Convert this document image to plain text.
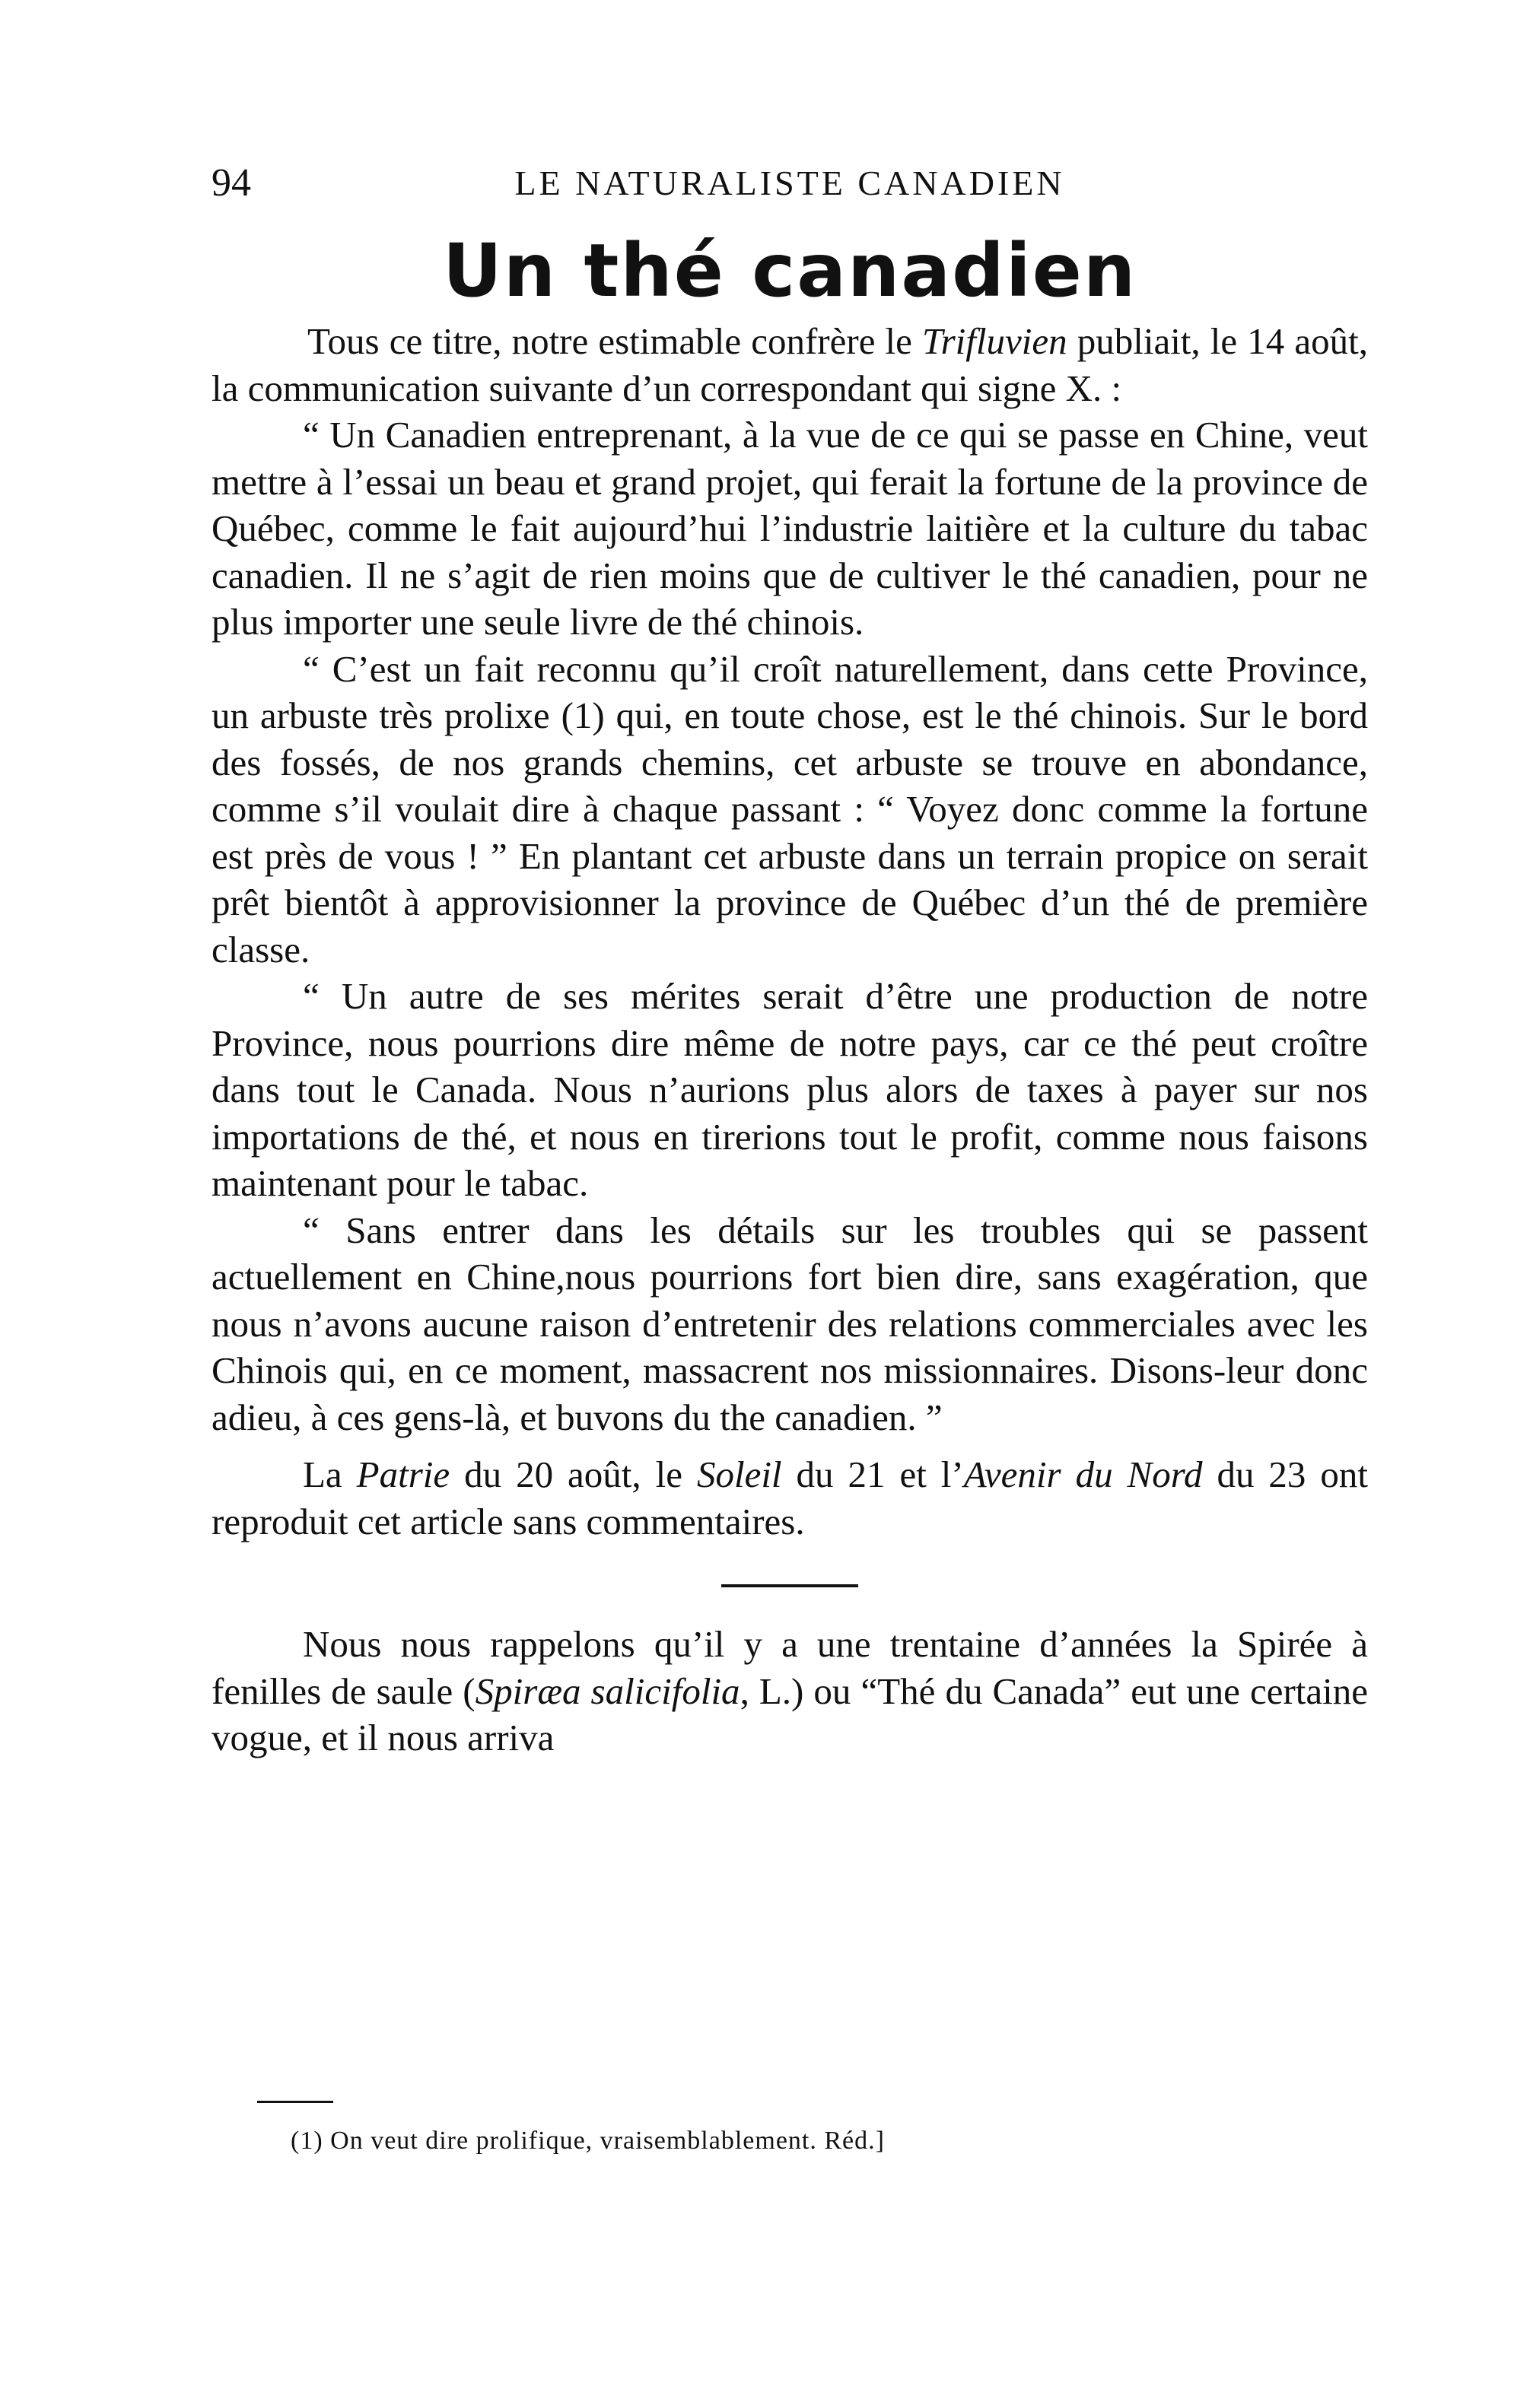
94	LE NATURALISTE CANADIEN
Un thé canadien

Tous ce titre, notre estimable confrère le Trifluvien publiait, le 14 août, la communication suivante d’un correspondant qui signe X. :

“ Un Canadien entreprenant, à la vue de ce qui se passe en Chine, veut mettre à l’essai un beau et grand projet, qui ferait la fortune de la province de Québec, comme le fait aujourd’hui l’industrie laitière et la culture du tabac canadien. Il ne s’agit de rien moins que de cultiver le thé canadien, pour ne plus importer une seule livre de thé chinois.

“ C’est un fait reconnu qu’il croît naturellement, dans cette Province, un arbuste très prolixe (1) qui, en toute chose, est le thé chinois. Sur le bord des fossés, de nos grands chemins, cet arbuste se trouve en abondance, comme s’il voulait dire à chaque passant : “ Voyez donc comme la fortune est près de vous ! ” En plantant cet arbuste dans un terrain propice on serait prêt bientôt à approvisionner la province de Québec d’un thé de première classe.

“ Un autre de ses mérites serait d’être une production de notre Province, nous pourrions dire même de notre pays, car ce thé peut croître dans tout le Canada. Nous n’aurions plus alors de taxes à payer sur nos importations de thé, et nous en tirerions tout le profit, comme nous faisons maintenant pour le tabac.

“ Sans entrer dans les détails sur les troubles qui se passent actuellement en Chine,nous pourrions fort bien dire, sans exagération, que nous n’avons aucune raison d’entretenir des relations commerciales avec les Chinois qui, en ce moment, massacrent nos missionnaires. Disons-leur donc adieu, à ces gens-là, et buvons du the canadien. ”

La Patrie du 20 août, le Soleil du 21 et l’Avenir du Nord du 23 ont reproduit cet article sans commentaires.

Nous nous rappelons qu’il y a une trentaine d’années la Spirée à fenilles de saule (Spiræa salicifolia, L.) ou “Thé du Canada” eut une certaine vogue, et il nous arriva

(1) On veut dire prolifique, vraisemblablement. Réd.]
